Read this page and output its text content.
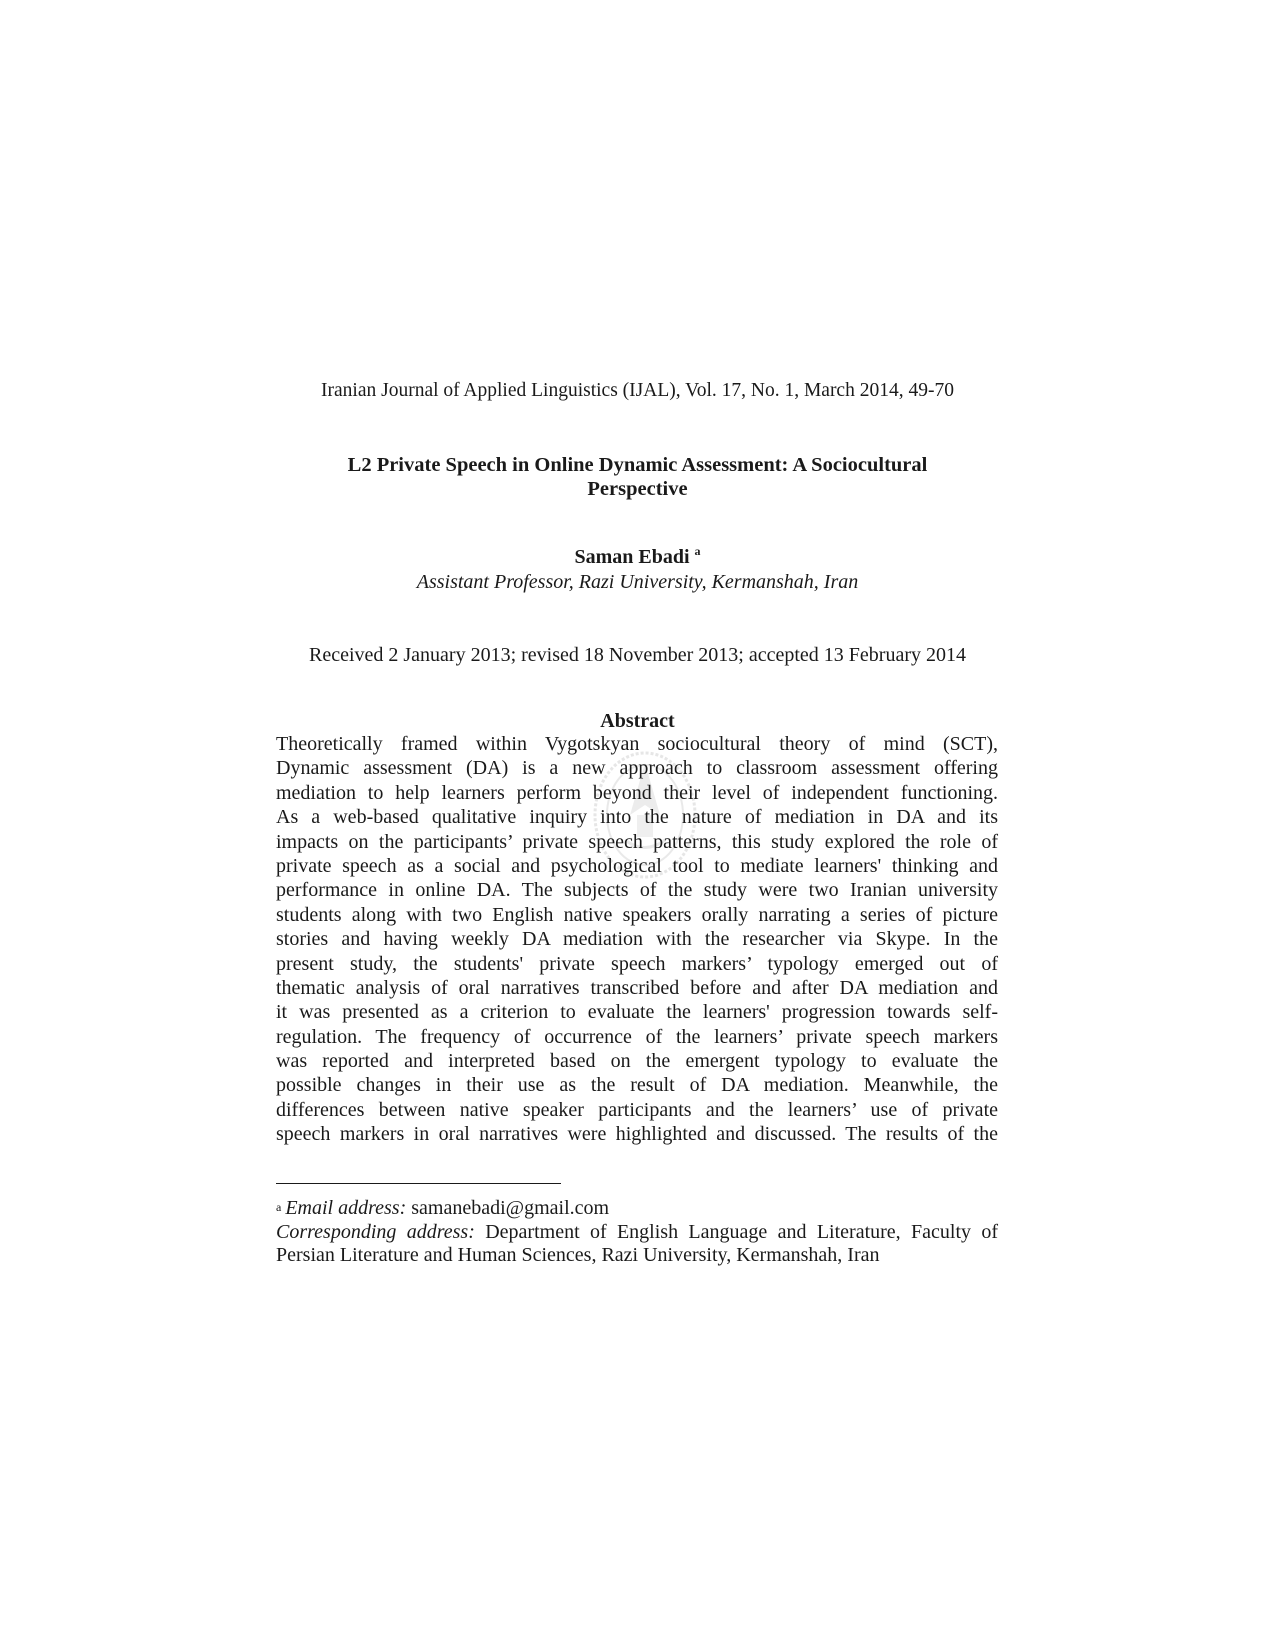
Iranian Journal of Applied Linguistics (IJAL), Vol. 17, No. 1, March 2014, 49-70
L2 Private Speech in Online Dynamic Assessment: A Sociocultural
Perspective
Saman Ebadi $^a$
Assistant Professor, Razi University, Kermanshah, Iran
Received 2 January 2013; revised 18 November 2013; accepted 13 February 2014
Abstract
Theoretically framed within Vygotskyan sociocultural theory of mind (SCT),
Dynamic assessment (DA) is a new approach to classroom assessment offering
mediation to help learners perform beyond their level of independent functioning.
As a web-based qualitative inquiry into the nature of mediation in DA and its
impacts on the participants’ private speech patterns, this study explored the role of
private speech as a social and psychological tool to mediate learners' thinking and
performance in online DA. The subjects of the study were two Iranian university
students along with two English native speakers orally narrating a series of picture
stories and having weekly DA mediation with the researcher via Skype. In the
present study, the students' private speech markers’ typology emerged out of
thematic analysis of oral narratives transcribed before and after DA mediation and
it was presented as a criterion to evaluate the learners' progression towards self-
regulation. The frequency of occurrence of the learners’ private speech markers
was reported and interpreted based on the emergent typology to evaluate the
possible changes in their use as the result of DA mediation. Meanwhile, the
differences between native speaker participants and the learners’ use of private
speech markers in oral narratives were highlighted and discussed. The results of the
$^a$ Email address: samanebadi@gmail.com
Corresponding address: Department of English Language and Literature, Faculty of
Persian Literature and Human Sciences, Razi University, Kermanshah, Iran
